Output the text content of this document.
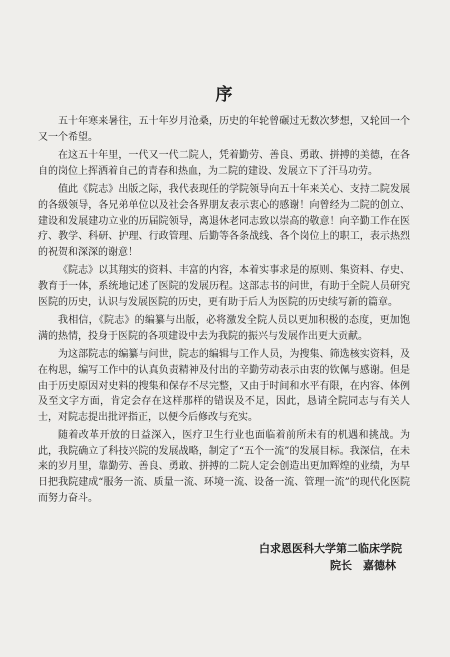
序

五十年寒来暑往，五十年岁月沧桑，历史的年轮曾碾过无数次梦想，又轮回一个又一个希望。

在这五十年里，一代又一代二院人，凭着勤劳、善良、勇敢、拼搏的美德，在各自的岗位上挥洒着自己的青春和热血，为二院的建设、发展立下了汗马功劳。

值此《院志》出版之际，我代表现任的学院领导向五十年来关心、支持二院发展的各级领导，各兄弟单位以及社会各界朋友表示衷心的感谢！向曾经为二院的创立、建设和发展建功立业的历届院领导，离退休老同志致以崇高的敬意！向辛勤工作在医疗、教学、科研、护理、行政管理、后勤等各条战线、各个岗位上的职工，表示热烈的祝贺和深深的谢意！

《院志》以其翔实的资料、丰富的内容，本着实事求是的原则、集资料、存史、教育于一体，系统地记述了医院的发展历程。这部志书的问世，有助于全院人员研究医院的历史，认识与发展医院的历史，更有助于后人为医院的历史续写新的篇章。

我相信，《院志》的编纂与出版，必将激发全院人员以更加积极的态度，更加饱满的热情，投身于医院的各项建设中去为我院的振兴与发展作出更大贡献。

为这部院志的编纂与问世，院志的编辑与工作人员，为搜集、筛选核实资料，及在构思，编写工作中的认真负责精神及付出的辛勤劳动表示由衷的钦佩与感谢。但是由于历史原因对史料的搜集和保存不尽完整，又由于时间和水平有限，在内容、体例及至文字方面，肯定会存在这样那样的错误及不足，因此，恳请全院同志与有关人士，对院志提出批评指正，以便今后修改与充实。

随着改革开放的日益深入，医疗卫生行业也面临着前所未有的机遇和挑战。为此，我院确立了科技兴院的发展战略，制定了“五个一流”的发展目标。我深信，在未来的岁月里，靠勤劳、善良、勇敢、拼搏的二院人定会创造出更加辉煌的业绩，为早日把我院建成“服务一流、质量一流、环境一流、设备一流、管理一流”的现代化医院而努力奋斗。

白求恩医科大学第二临床学院
院长　嘉德林
